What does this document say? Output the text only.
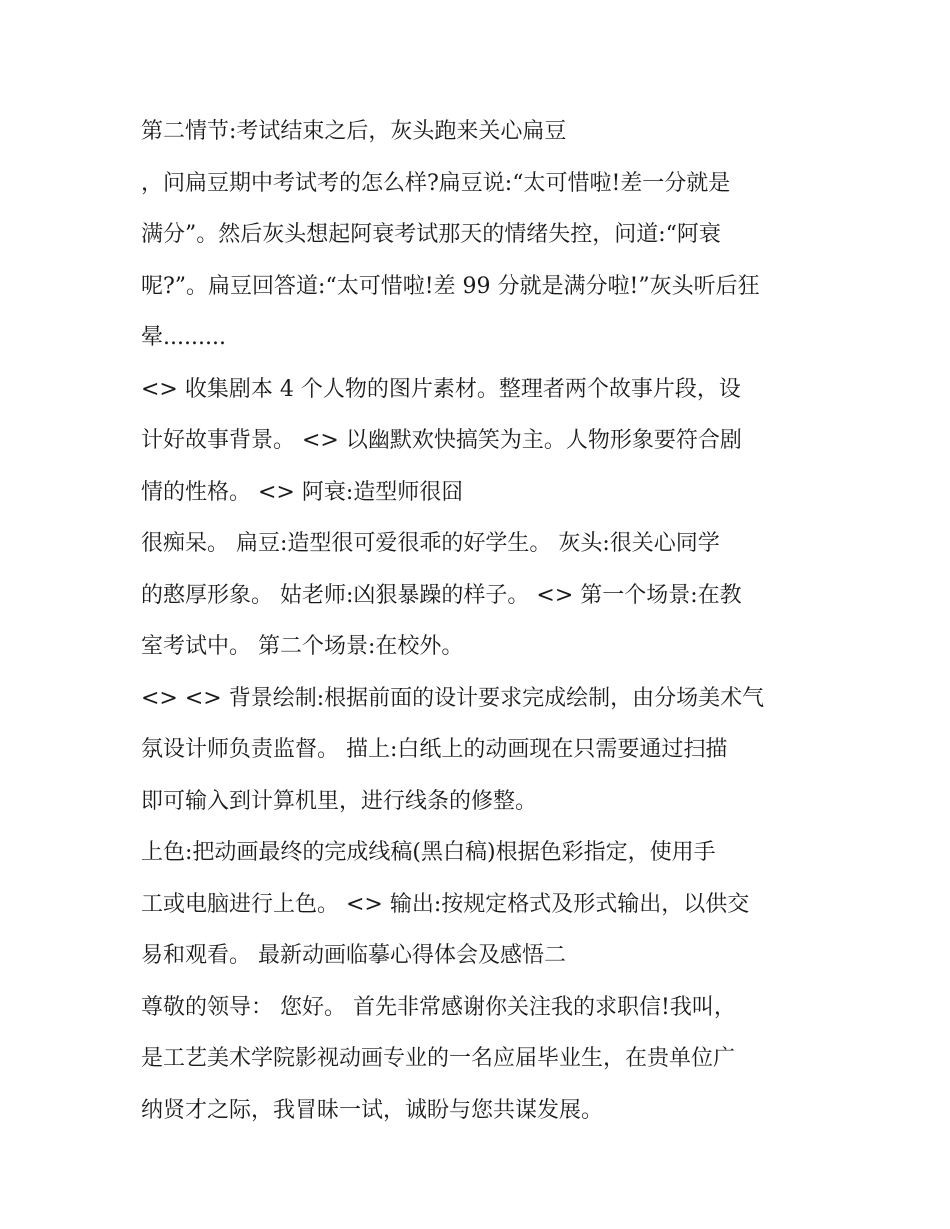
第二情节:考试结束之后，灰头跑来关心扁豆
，问扁豆期中考试考的怎么样?扁豆说:“太可惜啦!差一分就是
满分”。然后灰头想起阿衰考试那天的情绪失控，问道:“阿衰
呢?”。扁豆回答道:“太可惜啦!差 99 分就是满分啦!”灰头听后狂
晕.........
<> 收集剧本 4 个人物的图片素材。整理者两个故事片段，设
计好故事背景。 <> 以幽默欢快搞笑为主。人物形象要符合剧
情的性格。 <> 阿衰:造型师很囧
很痴呆。 扁豆:造型很可爱很乖的好学生。 灰头:很关心同学
的憨厚形象。 姑老师:凶狠暴躁的样子。 <> 第一个场景:在教
室考试中。 第二个场景:在校外。
<> <> 背景绘制:根据前面的设计要求完成绘制，由分场美术气
氛设计师负责监督。 描上:白纸上的动画现在只需要通过扫描
即可输入到计算机里，进行线条的修整。
上色:把动画最终的完成线稿(黑白稿)根据色彩指定，使用手
工或电脑进行上色。 <> 输出:按规定格式及形式输出，以供交
易和观看。 最新动画临摹心得体会及感悟二
尊敬的领导： 您好。 首先非常感谢你关注我的求职信!我叫，
是工艺美术学院影视动画专业的一名应届毕业生，在贵单位广
纳贤才之际，我冒昧一试，诚盼与您共谋发展。
